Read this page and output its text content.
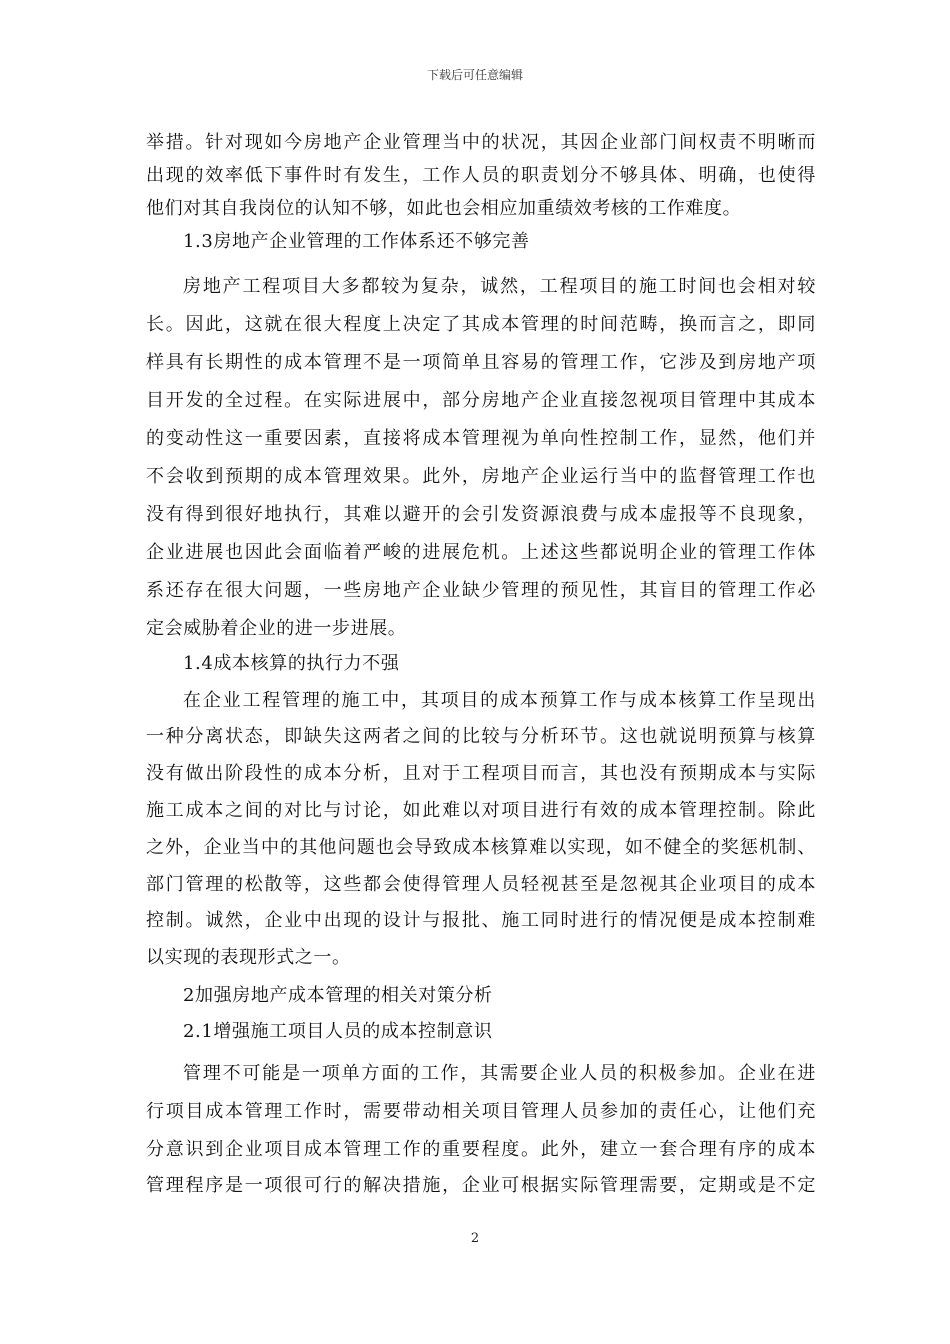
下载后可任意编辑
举措。针对现如今房地产企业管理当中的状况，其因企业部门间权责不明晰而
出现的效率低下事件时有发生，工作人员的职责划分不够具体、明确，也使得
他们对其自我岗位的认知不够，如此也会相应加重绩效考核的工作难度。
1.3房地产企业管理的工作体系还不够完善
房地产工程项目大多都较为复杂，诚然，工程项目的施工时间也会相对较
长。因此，这就在很大程度上决定了其成本管理的时间范畴，换而言之，即同
样具有长期性的成本管理不是一项简单且容易的管理工作，它涉及到房地产项
目开发的全过程。在实际进展中，部分房地产企业直接忽视项目管理中其成本
的变动性这一重要因素，直接将成本管理视为单向性控制工作，显然，他们并
不会收到预期的成本管理效果。此外，房地产企业运行当中的监督管理工作也
没有得到很好地执行，其难以避开的会引发资源浪费与成本虚报等不良现象，
企业进展也因此会面临着严峻的进展危机。上述这些都说明企业的管理工作体
系还存在很大问题，一些房地产企业缺少管理的预见性，其盲目的管理工作必
定会威胁着企业的进一步进展。
1.4成本核算的执行力不强
在企业工程管理的施工中，其项目的成本预算工作与成本核算工作呈现出
一种分离状态，即缺失这两者之间的比较与分析环节。这也就说明预算与核算
没有做出阶段性的成本分析，且对于工程项目而言，其也没有预期成本与实际
施工成本之间的对比与讨论，如此难以对项目进行有效的成本管理控制。除此
之外，企业当中的其他问题也会导致成本核算难以实现，如不健全的奖惩机制、
部门管理的松散等，这些都会使得管理人员轻视甚至是忽视其企业项目的成本
控制。诚然，企业中出现的设计与报批、施工同时进行的情况便是成本控制难
以实现的表现形式之一。
2加强房地产成本管理的相关对策分析
2.1增强施工项目人员的成本控制意识
管理不可能是一项单方面的工作，其需要企业人员的积极参加。企业在进
行项目成本管理工作时，需要带动相关项目管理人员参加的责任心，让他们充
分意识到企业项目成本管理工作的重要程度。此外，建立一套合理有序的成本
管理程序是一项很可行的解决措施，企业可根据实际管理需要，定期或是不定
2
